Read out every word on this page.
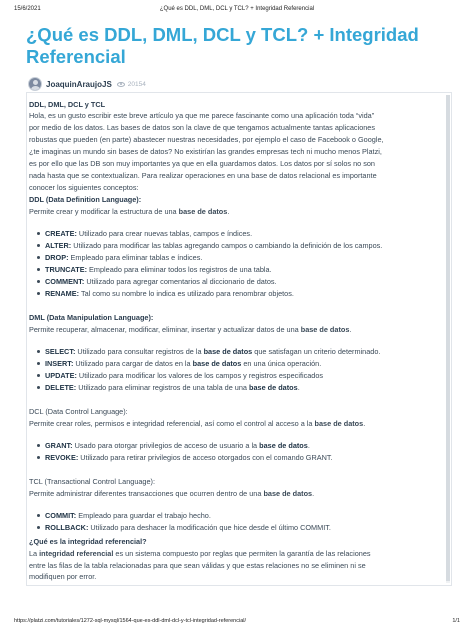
15/6/2021	¿Qué es DDL, DML, DCL y TCL? + Integridad Referencial
¿Qué es DDL, DML, DCL y TCL? + Integridad Referencial
JoaquinAraujoJS 20154
DDL, DML, DCL y TCL
Hola, es un gusto escribir este breve artículo ya que me parece fascinante como una aplicación toda “vida”
por medio de los datos. Las bases de datos son la clave de que tengamos actualmente tantas aplicaciones
robustas que pueden (en parte) abastecer nuestras necesidades, por ejemplo el caso de Facebook o Google,
¿te imaginas un mundo sin bases de datos? No existirían las grandes empresas tech ni mucho menos Platzi,
es por ello que las DB son muy importantes ya que en ella guardamos datos. Los datos por sí solos no son
nada hasta que se contextualizan. Para realizar operaciones en una base de datos relacional es importante
conocer los siguientes conceptos:
DDL (Data Definition Language):
Permite crear y modificar la estructura de una base de datos.
CREATE: Utilizado para crear nuevas tablas, campos e índices.
ALTER: Utilizado para modificar las tablas agregando campos o cambiando la definición de los campos.
DROP: Empleado para eliminar tablas e índices.
TRUNCATE: Empleado para eliminar todos los registros de una tabla.
COMMENT: Utilizado para agregar comentarios al diccionario de datos.
RENAME: Tal como su nombre lo indica es utilizado para renombrar objetos.
DML (Data Manipulation Language):
Permite recuperar, almacenar, modificar, eliminar, insertar y actualizar datos de una base de datos.
SELECT: Utilizado para consultar registros de la base de datos que satisfagan un criterio determinado.
INSERT: Utilizado para cargar de datos en la base de datos en una única operación.
UPDATE: Utilizado para modificar los valores de los campos y registros especificados
DELETE: Utilizado para eliminar registros de una tabla de una base de datos.
DCL (Data Control Language):
Permite crear roles, permisos e integridad referencial, así como el control al acceso a la base de datos.
GRANT: Usado para otorgar privilegios de acceso de usuario a la base de datos.
REVOKE: Utilizado para retirar privilegios de acceso otorgados con el comando GRANT.
TCL (Transactional Control Language):
Permite administrar diferentes transacciones que ocurren dentro de una base de datos.
COMMIT: Empleado para guardar el trabajo hecho.
ROLLBACK: Utilizado para deshacer la modificación que hice desde el último COMMIT.
¿Qué es la integridad referencial?
La integridad referencial es un sistema compuesto por reglas que permiten la garantía de las relaciones
entre las filas de la tabla relacionadas para que sean válidas y que estas relaciones no se eliminen ni se
modifiquen por error.
https://platzi.com/tutoriales/1272-sql-mysql/1564-que-es-ddl-dml-dcl-y-tcl-integridad-referencial/	1/1
